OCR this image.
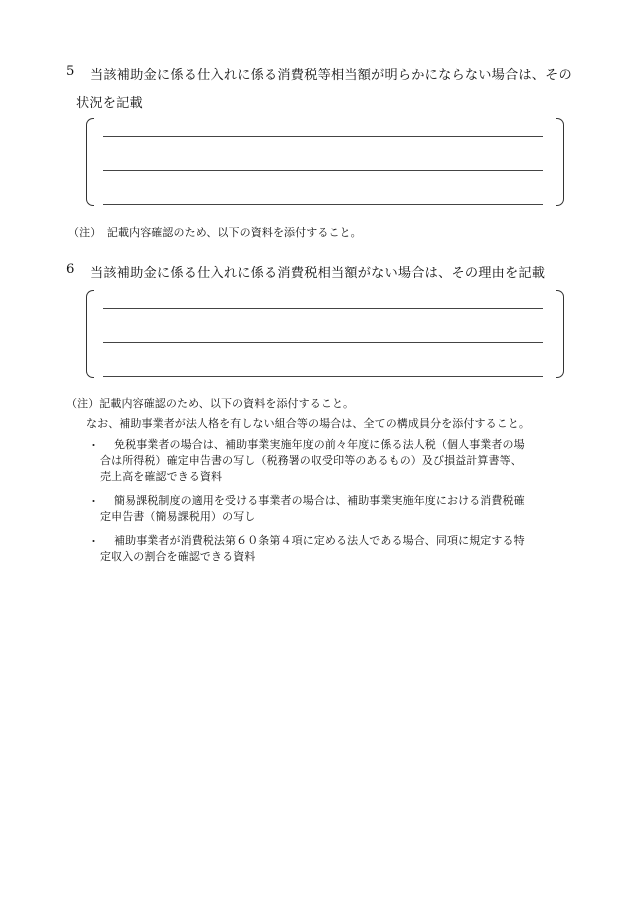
5 当該補助金に係る仕入れに係る消費税等相当額が明らかにならない場合は、その
状況を記載
（注）　記載内容確認のため、以下の資料を添付すること。
6 当該補助金に係る仕入れに係る消費税相当額がない場合は、その理由を記載
（注）記載内容確認のため、以下の資料を添付すること。
なお、補助事業者が法人格を有しない組合等の場合は、全ての構成員分を添付すること。
・ 免税事業者の場合は、補助事業実施年度の前々年度に係る法人税（個人事業者の場
合は所得税）確定申告書の写し（税務署の収受印等のあるもの）及び損益計算書等、
売上高を確認できる資料
・ 簡易課税制度の適用を受ける事業者の場合は、補助事業実施年度における消費税確
定申告書（簡易課税用）の写し
・ 補助事業者が消費税法第６０条第４項に定める法人である場合、同項に規定する特
定収入の割合を確認できる資料
